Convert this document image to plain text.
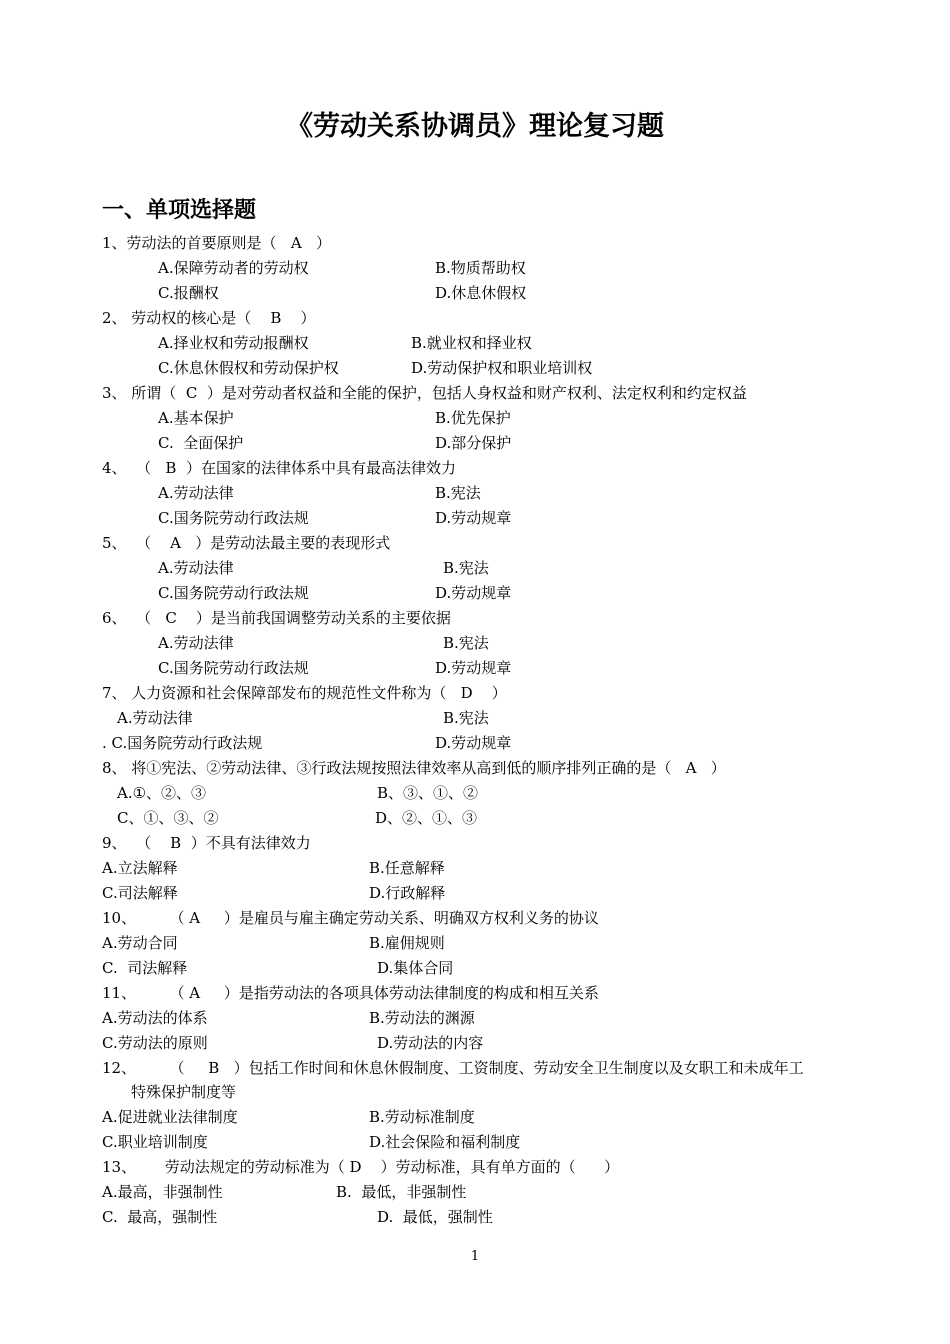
《劳动关系协调员》理论复习题
一、单项选择题
1、劳动法的首要原则是（   A   ）
A.保障劳动者的劳动权	B.物质帮助权
C.报酬权	D.休息休假权
2、 劳动权的核心是（    B    ）
A.择业权和劳动报酬权	B.就业权和择业权
C.休息休假权和劳动保护权	D.劳动保护权和职业培训权
3、 所谓（  C  ）是对劳动者权益和全能的保护，包括人身权益和财产权利、法定权利和约定权益
A.基本保护	B.优先保护
C.  全面保护	D.部分保护
4、  （   B  ）在国家的法律体系中具有最高法律效力
A.劳动法律	B.宪法
C.国务院劳动行政法规	D.劳动规章
5、  （    A   ）是劳动法最主要的表现形式
A.劳动法律	B.宪法
C.国务院劳动行政法规	D.劳动规章
6、  （   C    ）是当前我国调整劳动关系的主要依据
A.劳动法律	B.宪法
C.国务院劳动行政法规	D.劳动规章
7、 人力资源和社会保障部发布的规范性文件称为（   D    ）
A.劳动法律	B.宪法
. C.国务院劳动行政法规	D.劳动规章
8、 将①宪法、②劳动法律、③行政法规按照法律效率从高到低的顺序排列正确的是（   A   ）
A.①、②、③	B、③、①、②
C、①、③、②	D、②、①、③
9、  （    B  ）不具有法律效力
A.立法解释	B.任意解释
C.司法解释	D.行政解释
10、       （ A     ）是雇员与雇主确定劳动关系、明确双方权利义务的协议
A.劳动合同	B.雇佣规则
C.  司法解释	D.集体合同
11、       （ A     ）是指劳动法的各项具体劳动法律制度的构成和相互关系
A.劳动法的体系	B.劳动法的渊源
C.劳动法的原则	D.劳动法的内容
12、       （     B   ）包括工作时间和休息休假制度、工资制度、劳动安全卫生制度以及女职工和未成年工
特殊保护制度等
A.促进就业法律制度	B.劳动标准制度
C.职业培训制度	D.社会保险和福利制度
13、      劳动法规定的劳动标准为（ D    ）劳动标准，具有单方面的（      ）
A.最高，非强制性	B.  最低，非强制性
C.  最高，强制性	D.  最低，强制性
1
